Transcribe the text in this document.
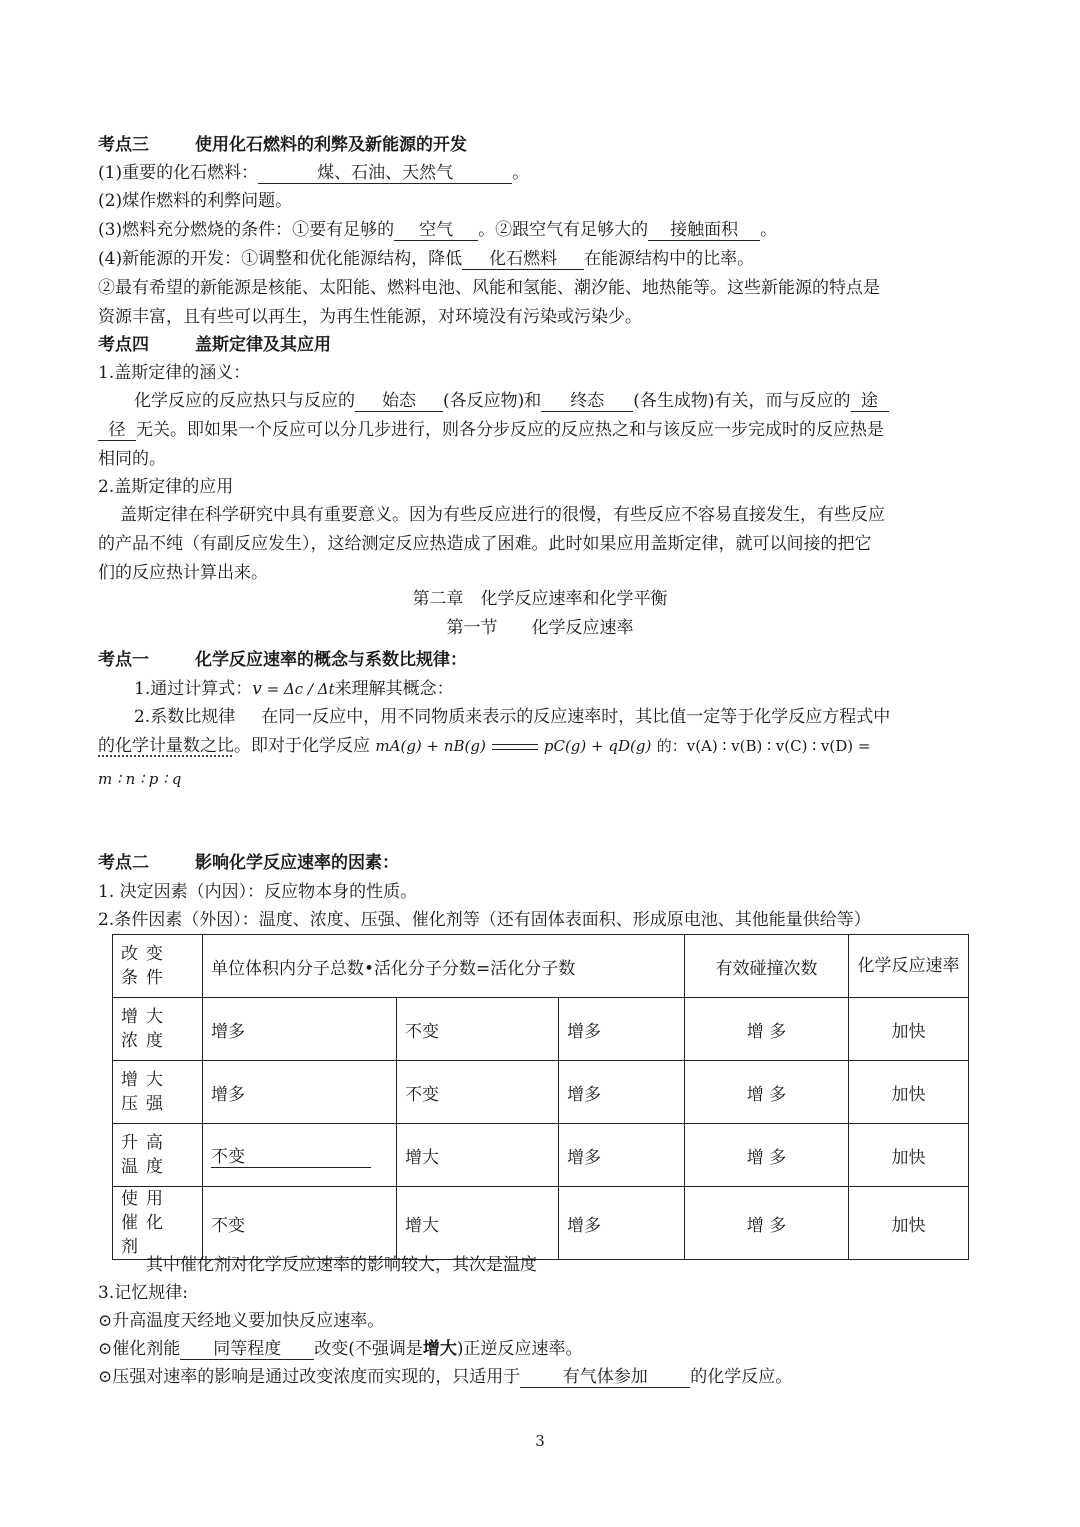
考点三	使用化石燃料的利弊及新能源的开发
(1)重要的化石燃料：	煤、石油、天然气	。
(2)煤作燃料的利弊问题。
(3)燃料充分燃烧的条件：①要有足够的 空气 。②跟空气有足够大的 接触面积 。
(4)新能源的开发：①调整和优化能源结构，降低 化石燃料 在能源结构中的比率。
②最有希望的新能源是核能、太阳能、燃料电池、风能和氢能、潮汐能、地热能等。这些新能源的特点是
资源丰富，且有些可以再生，为再生性能源，对环境没有污染或污染少。
考点四	盖斯定律及其应用
1.盖斯定律的涵义：
化学反应的反应热只与反应的 始态 (各反应物)和 终态 (各生成物)有关，而与反应的 途
径 无关。即如果一个反应可以分几步进行，则各分步反应的反应热之和与该反应一步完成时的反应热是
相同的。
2.盖斯定律的应用
盖斯定律在科学研究中具有重要意义。因为有些反应进行的很慢，有些反应不容易直接发生，有些反应
的产品不纯（有副反应发生），这给测定反应热造成了困难。此时如果应用盖斯定律，就可以间接的把它
们的反应热计算出来。
第二章　化学反应速率和化学平衡
第一节　　化学反应速率
考点一	化学反应速率的概念与系数比规律：
1.通过计算式：v = Δc / Δt来理解其概念：
2.系数比规律 在同一反应中，用不同物质来表示的反应速率时，其比值一定等于化学反应方程式中
的化学计量数之比。即对于化学反应 mA(g) + nB(g)	pC(g) + qD(g) 的：v(A) ∶ v(B) ∶ v(C) ∶ v(D) =
m ∶ n ∶ p ∶ q
考点二	影响化学反应速率的因素：
1. 决定因素（内因）：反应物本身的性质。
2.条件因素（外因）：温度、浓度、压强、催化剂等（还有固体表面积、形成原电池、其他能量供给等）
改变条件	单位体积内分子总数•活化分子分数=活化分子数			有效碰撞次数	化学反应速率
增大浓度	增多	不变	增多	增 多	加快
增大压强	增多	不变	增多	增 多	加快
升高温度	不变	增大	增多	增 多	加快
使用催化剂	不变	增大	增多	增 多	加快
其中催化剂对化学反应速率的影响较大，其次是温度
3.记忆规律:
⊙升高温度天经地义要加快反应速率。
⊙催化剂能 同等程度 改变(不强调是增大)正逆反应速率。
⊙压强对速率的影响是通过改变浓度而实现的，只适用于	有气体参加	的化学反应。
3
